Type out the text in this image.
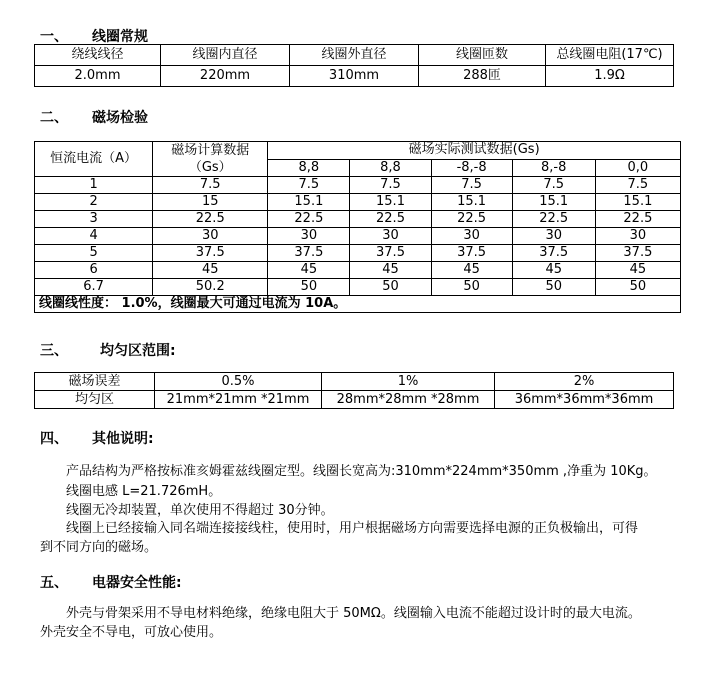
一、 线圈常规
绕线线径	线圈内直径	线圈外直径	线圈匝数	总线圈电阻(17℃)
2.0mm	220mm	310mm	288匝	1.9Ω
二、 磁场检验
恒流电流（A）	磁场计算数据
（Gs）	磁场实际测试数据(Gs)				
		8,8	8,8	-8,-8	8,-8	0,0
1	7.5	7.5	7.5	7.5	7.5	7.5
2	15	15.1	15.1	15.1	15.1	15.1
3	22.5	22.5	22.5	22.5	22.5	22.5
4	30	30	30	30	30	30
5	37.5	37.5	37.5	37.5	37.5	37.5
6	45	45	45	45	45	45
6.7	50.2	50	50	50	50	50
线圈线性度： 1.0%，线圈最大可通过电流为 10A。						
三、 均匀区范围:
磁场误差	0.5%	1%	2%
均匀区	21mm*21mm *21mm	28mm*28mm *28mm	36mm*36mm*36mm
四、 其他说明:
产品结构为严格按标准亥姆霍兹线圈定型。线圈长宽高为:310mm*224mm*350mm ,净重为 10Kg。
线圈电感 L=21.726mH。
线圈无冷却装置，单次使用不得超过 30分钟。
线圈上已经接输入同名端连接接线柱，使用时，用户根据磁场方向需要选择电源的正负极输出，可得
到不同方向的磁场。
五、 电器安全性能:
外壳与骨架采用不导电材料绝缘，绝缘电阻大于 50MΩ。线圈输入电流不能超过设计时的最大电流。
外壳安全不导电，可放心使用。
